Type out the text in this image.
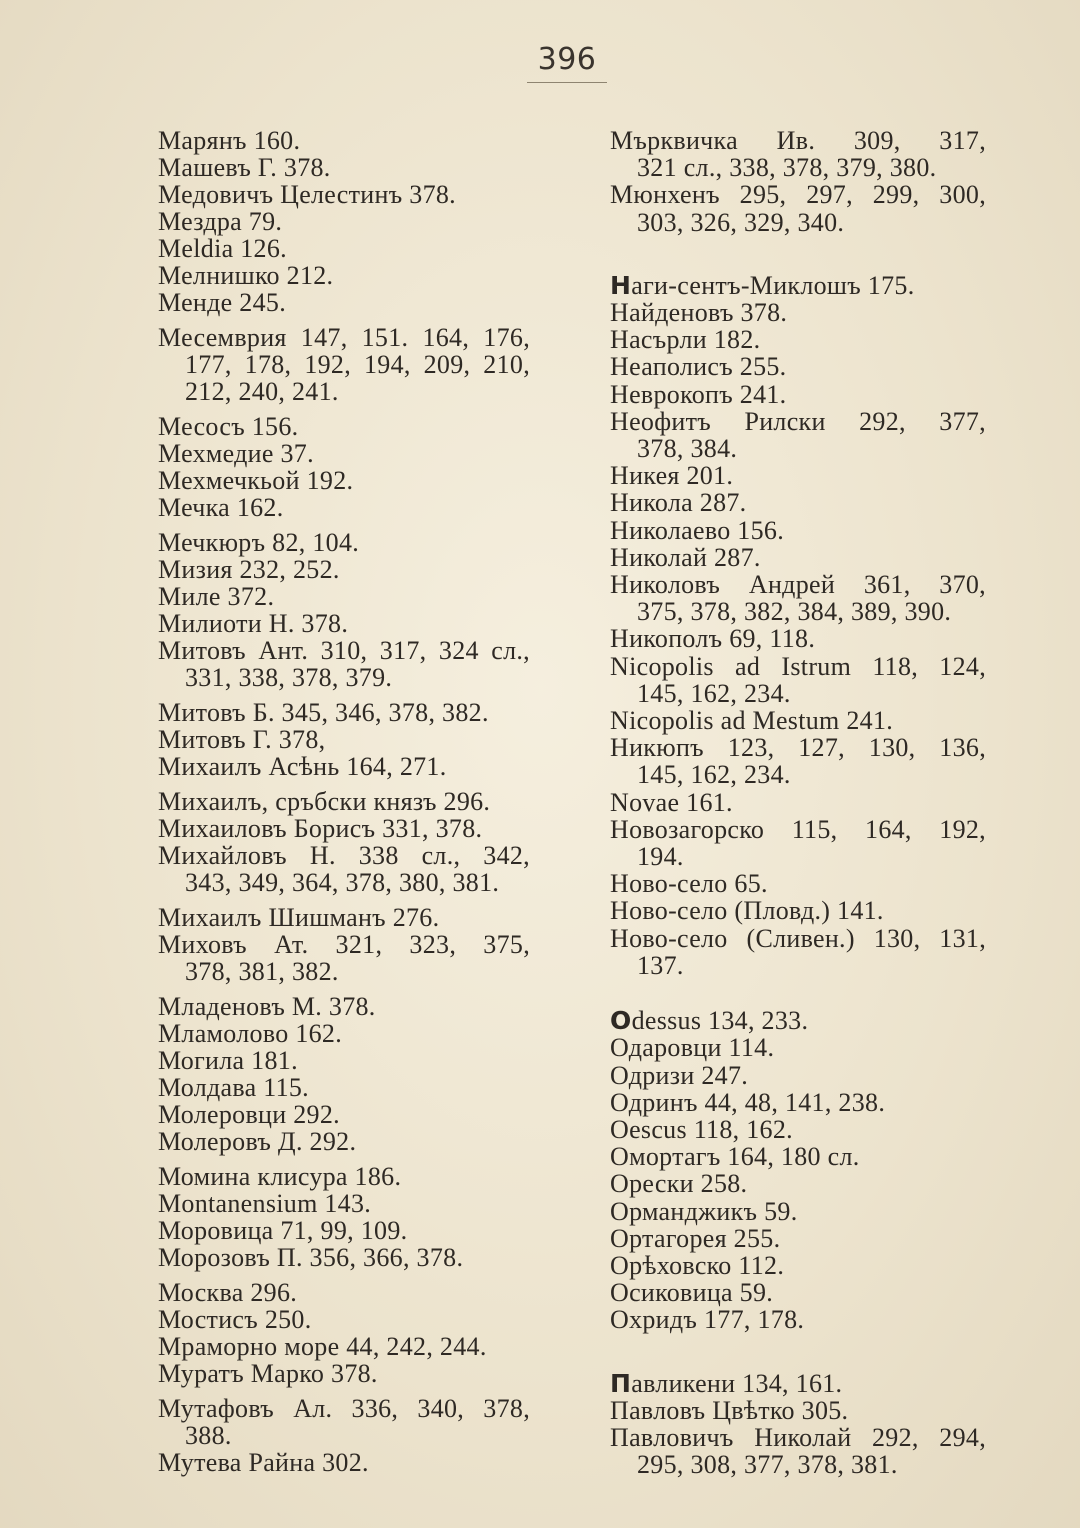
396
Марянъ 160.
Машевъ Г. 378.
Медовичъ Целестинъ 378.
Мездра 79.
Meldia 126.
Мелнишко 212.
Менде 245.
Месемврия 147, 151. 164, 176,
177, 178, 192, 194, 209, 210,
212, 240, 241.
Месосъ 156.
Мехмедие 37.
Мехмечкьой 192.
Мечка 162.
Мечкюръ 82, 104.
Мизия 232, 252.
Миле 372.
Милиоти Н. 378.
Митовъ Ант. 310, 317, 324 сл.,
331, 338, 378, 379.
Митовъ Б. 345, 346, 378, 382.
Митовъ Г. 378,
Михаилъ Асѣнь 164, 271.
Михаилъ, сръбски князъ 296.
Михаиловъ Борисъ 331, 378.
Михайловъ Н. 338 сл., 342,
343, 349, 364, 378, 380, 381.
Михаилъ Шишманъ 276.
Миховъ Ат. 321, 323, 375,
378, 381, 382.
Младеновъ М. 378.
Мламолово 162.
Могила 181.
Молдава 115.
Молеровци 292.
Молеровъ Д. 292.
Момина клисура 186.
Montanensium 143.
Моровица 71, 99, 109.
Морозовъ П. 356, 366, 378.
Москва 296.
Мостисъ 250.
Мраморно море 44, 242, 244.
Муратъ Марко 378.
Мутафовъ Ал. 336, 340, 378,
388.
Мутева Райна 302.
Мърквичка Ив. 309, 317,
321 сл., 338, 378, 379, 380.
Мюнхенъ 295, 297, 299, 300,
303, 326, 329, 340.
Наги-сентъ-Миклошъ 175.
Найденовъ 378.
Насърли 182.
Неаполисъ 255.
Неврокопъ 241.
Неофитъ Рилски 292, 377,
378, 384.
Никея 201.
Никола 287.
Николаево 156.
Николай 287.
Николовъ Андрей 361, 370,
375, 378, 382, 384, 389, 390.
Никополъ 69, 118.
Nicopolis ad Istrum 118, 124,
145, 162, 234.
Nicopolis ad Mestum 241.
Никюпъ 123, 127, 130, 136,
145, 162, 234.
Novae 161.
Новозагорско 115, 164, 192,
194.
Ново-село 65.
Ново-село (Пловд.) 141.
Ново-село (Сливен.) 130, 131,
137.
Odessus 134, 233.
Одаровци 114.
Одризи 247.
Одринъ 44, 48, 141, 238.
Oescus 118, 162.
Омортагъ 164, 180 сл.
Орески 258.
Орманджикъ 59.
Ортагорея 255.
Орѣховско 112.
Осиковица 59.
Охридъ 177, 178.
Павликени 134, 161.
Павловъ Цвѣтко 305.
Павловичъ Николай 292, 294,
295, 308, 377, 378, 381.
